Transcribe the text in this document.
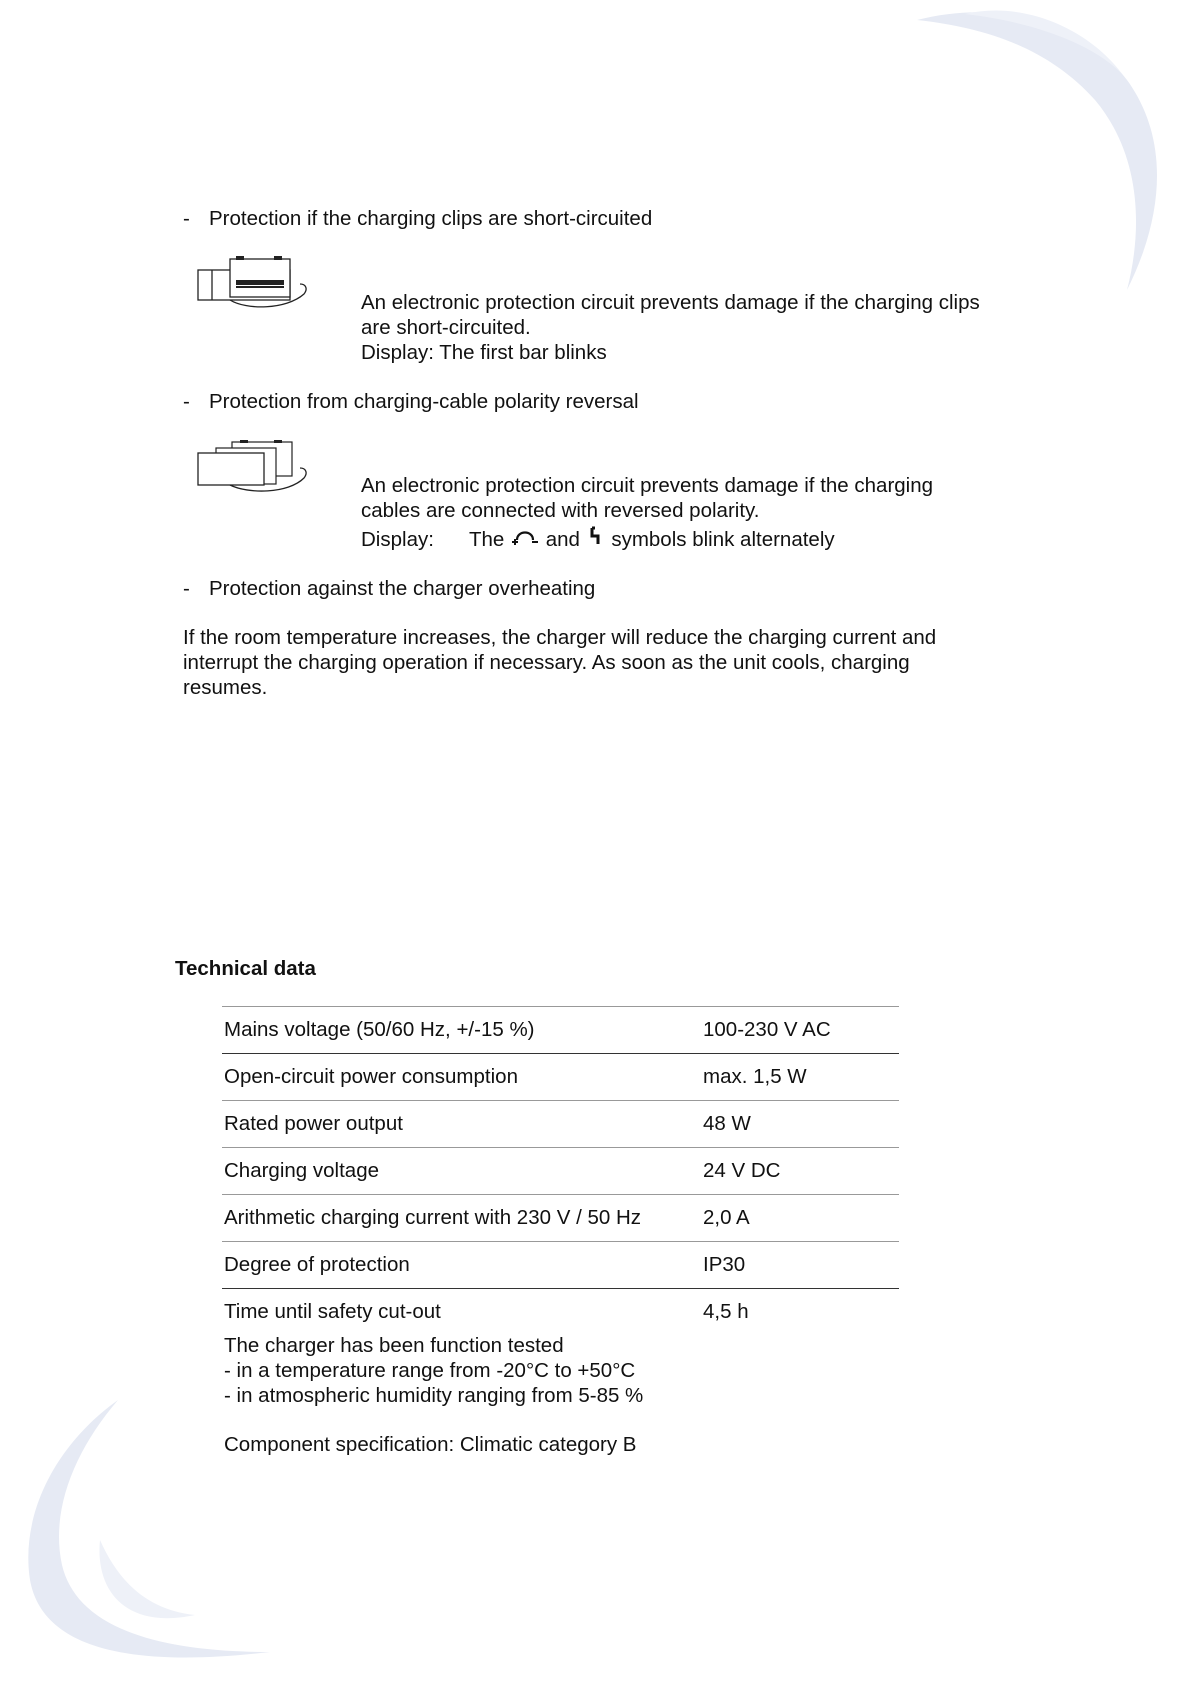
- Protection if the charging clips are short-circuited
An electronic protection circuit prevents damage if the charging clips
are short-circuited.
Display: The first bar blinks
- Protection from charging-cable polarity reversal
An electronic protection circuit prevents damage if the charging
cables are connected with reversed polarity.
Display: The and symbols blink alternately
- Protection against the charger overheating
If the room temperature increases, the charger will reduce the charging current and
interrupt the charging operation if necessary. As soon as the unit cools, charging
resumes.
Technical data
Mains voltage (50/60 Hz, +/-15 %)	100-230 V AC
Open-circuit power consumption	max. 1,5 W
Rated power output	48 W
Charging voltage	24 V DC
Arithmetic charging current with 230 V / 50 Hz	2,0 A
Degree of protection	IP30
Time until safety cut-out	4,5 h
The charger has been function tested
- in a temperature range from -20°C to +50°C
- in atmospheric humidity ranging from 5-85 %
Component specification: Climatic category B
